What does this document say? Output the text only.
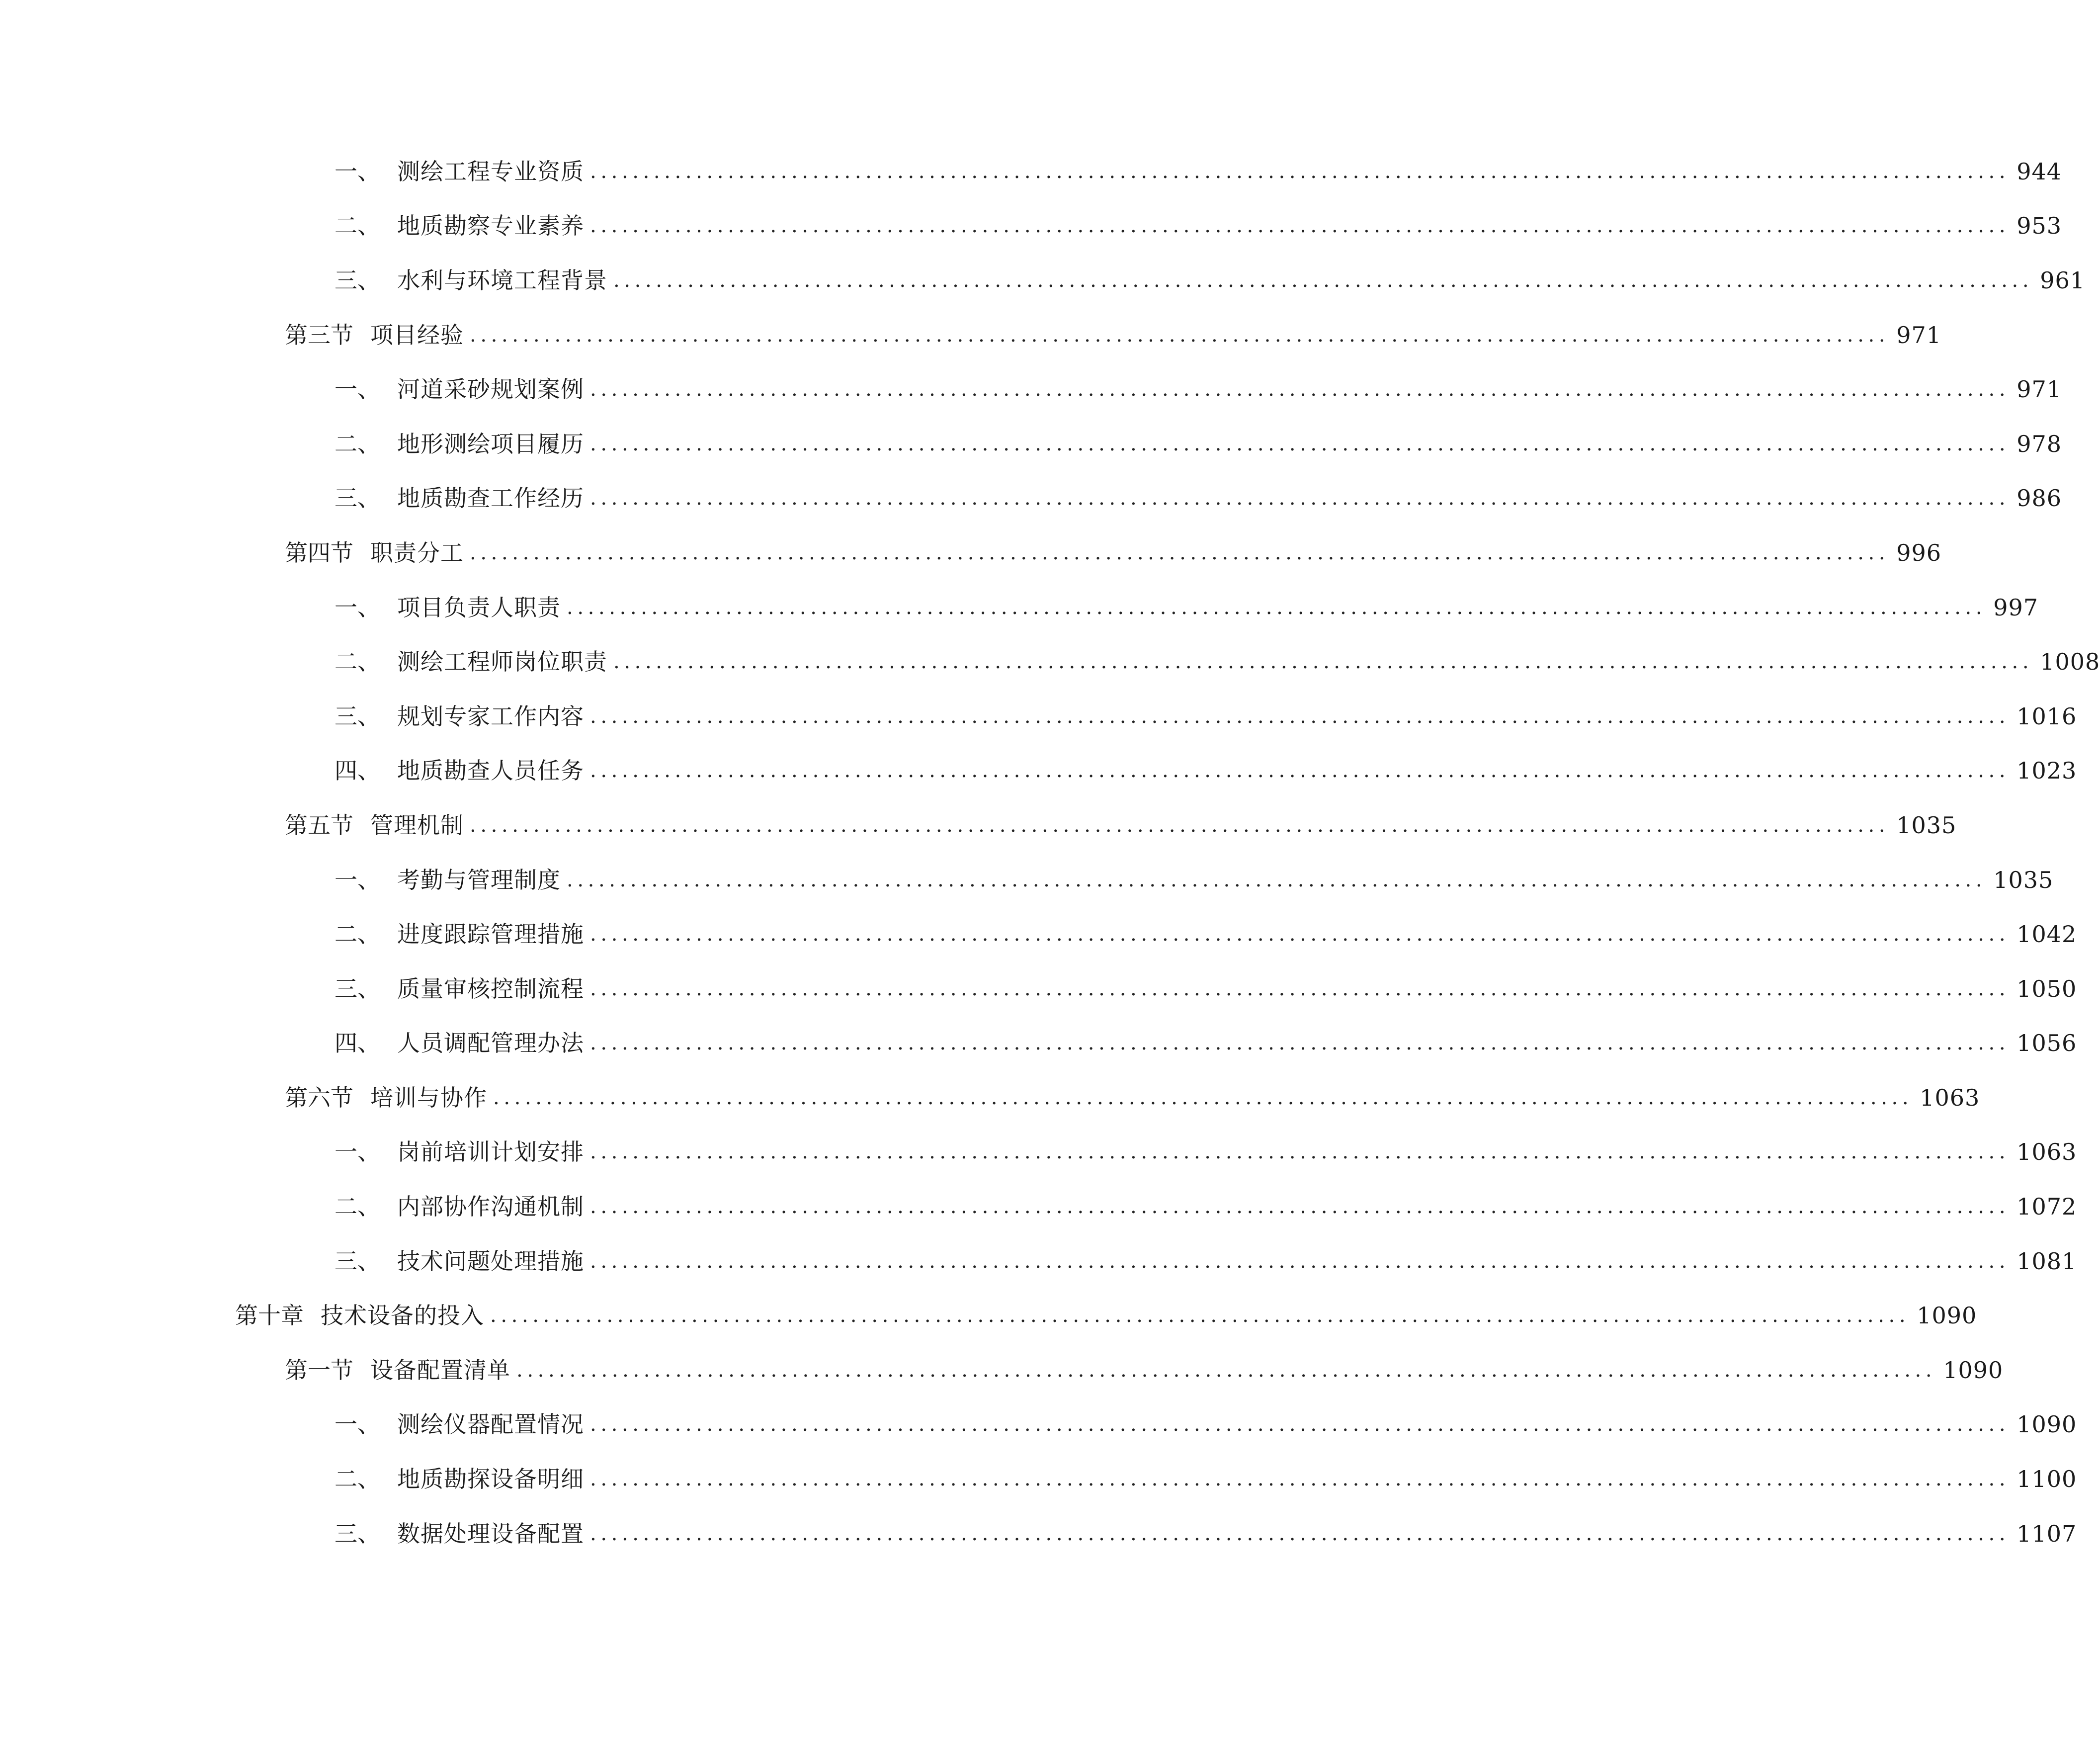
一、 测绘工程专业资质 ...................................................................................................................................... 944
二、 地质勘察专业素养 ...................................................................................................................................... 953
三、 水利与环境工程背景 ...................................................................................................................................... 961
第三节 项目经验 ...................................................................................................................................... 971
一、 河道采砂规划案例 ...................................................................................................................................... 971
二、 地形测绘项目履历 ...................................................................................................................................... 978
三、 地质勘查工作经历 ...................................................................................................................................... 986
第四节 职责分工 ...................................................................................................................................... 996
一、 项目负责人职责 ...................................................................................................................................... 997
二、 测绘工程师岗位职责 ...................................................................................................................................... 1008
三、 规划专家工作内容 ...................................................................................................................................... 1016
四、 地质勘查人员任务 ...................................................................................................................................... 1023
第五节 管理机制 ...................................................................................................................................... 1035
一、 考勤与管理制度 ...................................................................................................................................... 1035
二、 进度跟踪管理措施 ...................................................................................................................................... 1042
三、 质量审核控制流程 ...................................................................................................................................... 1050
四、 人员调配管理办法 ...................................................................................................................................... 1056
第六节 培训与协作 ...................................................................................................................................... 1063
一、 岗前培训计划安排 ...................................................................................................................................... 1063
二、 内部协作沟通机制 ...................................................................................................................................... 1072
三、 技术问题处理措施 ...................................................................................................................................... 1081
第十章 技术设备的投入 ...................................................................................................................................... 1090
第一节 设备配置清单 ...................................................................................................................................... 1090
一、 测绘仪器配置情况 ...................................................................................................................................... 1090
二、 地质勘探设备明细 ...................................................................................................................................... 1100
三、 数据处理设备配置 ...................................................................................................................................... 1107
